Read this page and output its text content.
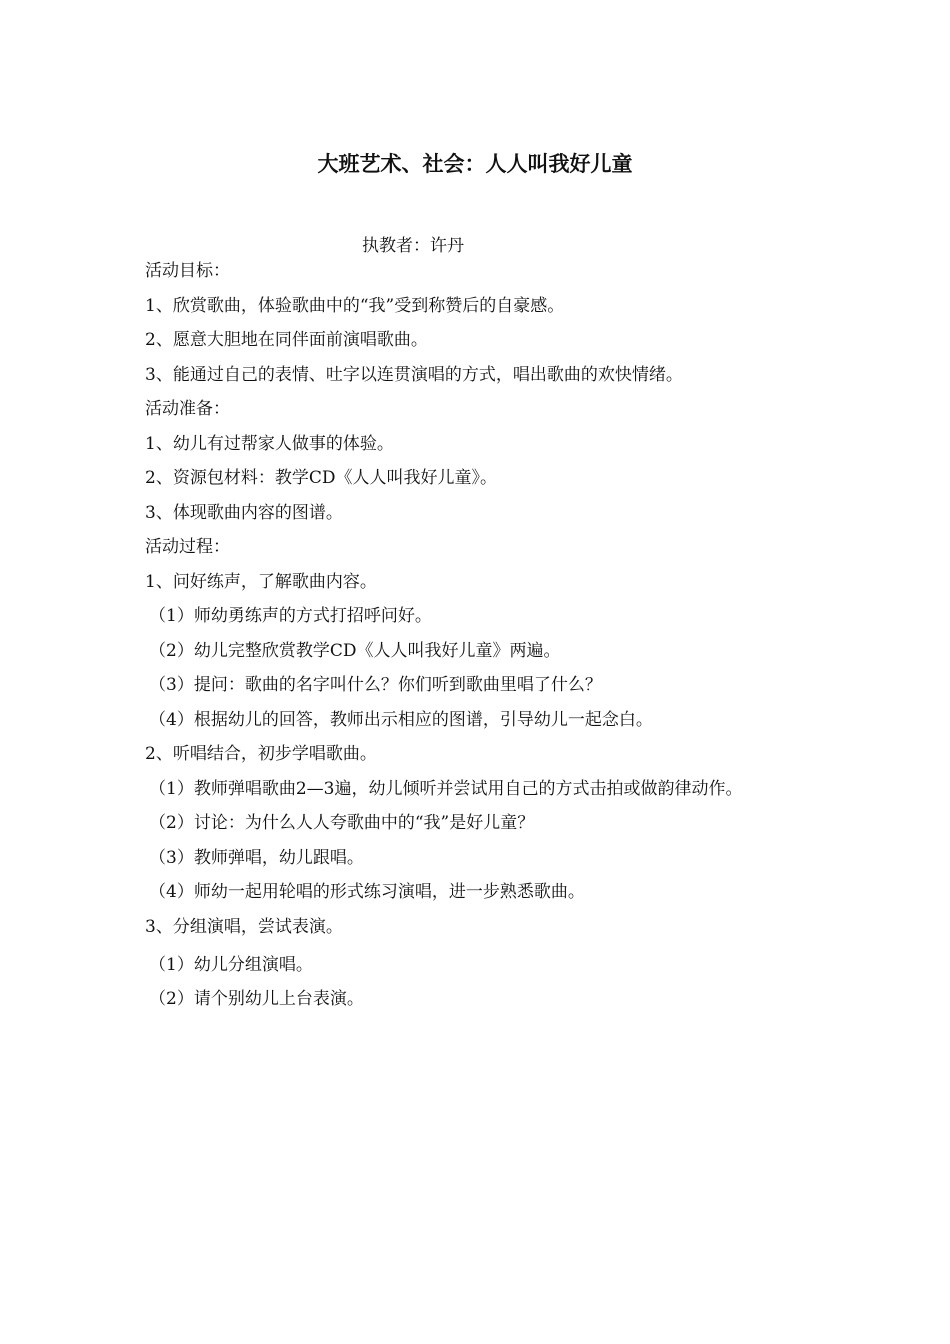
大班艺术、社会：人人叫我好儿童
执教者：许丹
活动目标：
1、欣赏歌曲，体验歌曲中的“我”受到称赞后的自豪感。
2、愿意大胆地在同伴面前演唱歌曲。
3、能通过自己的表情、吐字以连贯演唱的方式，唱出歌曲的欢快情绪。
活动准备：
1、幼儿有过帮家人做事的体验。
2、资源包材料：教学CD《人人叫我好儿童》。
3、体现歌曲内容的图谱。
活动过程：
1、问好练声，了解歌曲内容。
（1）师幼勇练声的方式打招呼问好。
（2）幼儿完整欣赏教学CD《人人叫我好儿童》两遍。
（3）提问：歌曲的名字叫什么？你们听到歌曲里唱了什么？
（4）根据幼儿的回答，教师出示相应的图谱，引导幼儿一起念白。
2、听唱结合，初步学唱歌曲。
（1）教师弹唱歌曲2—3遍，幼儿倾听并尝试用自己的方式击拍或做韵律动作。
（2）讨论：为什么人人夸歌曲中的“我”是好儿童？
（3）教师弹唱，幼儿跟唱。
（4）师幼一起用轮唱的形式练习演唱，进一步熟悉歌曲。
3、分组演唱，尝试表演。
（1）幼儿分组演唱。
（2）请个别幼儿上台表演。
